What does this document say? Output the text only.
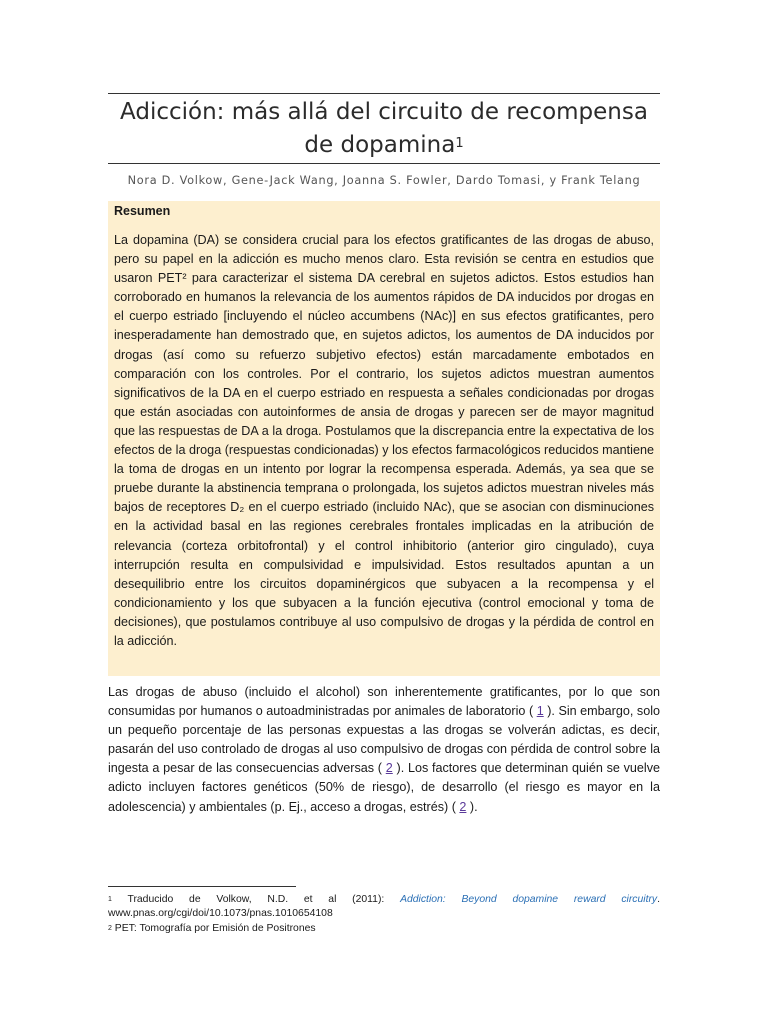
Adicción: más allá del circuito de recompensa de dopamina$^1$
Nora D. Volkow, Gene-Jack Wang, Joanna S. Fowler, Dardo Tomasi, y Frank Telang

Resumen

La dopamina (DA) se considera crucial para los efectos gratificantes de las drogas de abuso, pero su papel en la adicción es mucho menos claro. Esta revisión se centra en estudios que usaron PET² para caracterizar el sistema DA cerebral en sujetos adictos. Estos estudios han corroborado en humanos la relevancia de los aumentos rápidos de DA inducidos por drogas en el cuerpo estriado [incluyendo el núcleo accumbens (NAc)] en sus efectos gratificantes, pero inesperadamente han demostrado que, en sujetos adictos, los aumentos de DA inducidos por drogas (así como su refuerzo subjetivo efectos) están marcadamente embotados en comparación con los controles. Por el contrario, los sujetos adictos muestran aumentos significativos de la DA en el cuerpo estriado en respuesta a señales condicionadas por drogas que están asociadas con autoinformes de ansia de drogas y parecen ser de mayor magnitud que las respuestas de DA a la droga. Postulamos que la discrepancia entre la expectativa de los efectos de la droga (respuestas condicionadas) y los efectos farmacológicos reducidos mantiene la toma de drogas en un intento por lograr la recompensa esperada. Además, ya sea que se pruebe durante la abstinencia temprana o prolongada, los sujetos adictos muestran niveles más bajos de receptores D₂ en el cuerpo estriado (incluido NAc), que se asocian con disminuciones en la actividad basal en las regiones cerebrales frontales implicadas en la atribución de relevancia (corteza orbitofrontal) y el control inhibitorio (anterior giro cingulado), cuya interrupción resulta en compulsividad e impulsividad. Estos resultados apuntan a un desequilibrio entre los circuitos dopaminérgicos que subyacen a la recompensa y el condicionamiento y los que subyacen a la función ejecutiva (control emocional y toma de decisiones), que postulamos contribuye al uso compulsivo de drogas y la pérdida de control en la adicción.

Las drogas de abuso (incluido el alcohol) son inherentemente gratificantes, por lo que son consumidas por humanos o autoadministradas por animales de laboratorio ( 1 ). Sin embargo, solo un pequeño porcentaje de las personas expuestas a las drogas se volverán adictas, es decir, pasarán del uso controlado de drogas al uso compulsivo de drogas con pérdida de control sobre la ingesta a pesar de las consecuencias adversas ( 2 ). Los factores que determinan quién se vuelve adicto incluyen factores genéticos (50% de riesgo), de desarrollo (el riesgo es mayor en la adolescencia) y ambientales (p. Ej., acceso a drogas, estrés) ( 2 ).

$^1$ Traducido de Volkow, N.D. et al (2011): Addiction: Beyond dopamine reward circuitry. www.pnas.org/cgi/doi/10.1073/pnas.1010654108

$^2$ PET: Tomografía por Emisión de Positrones
